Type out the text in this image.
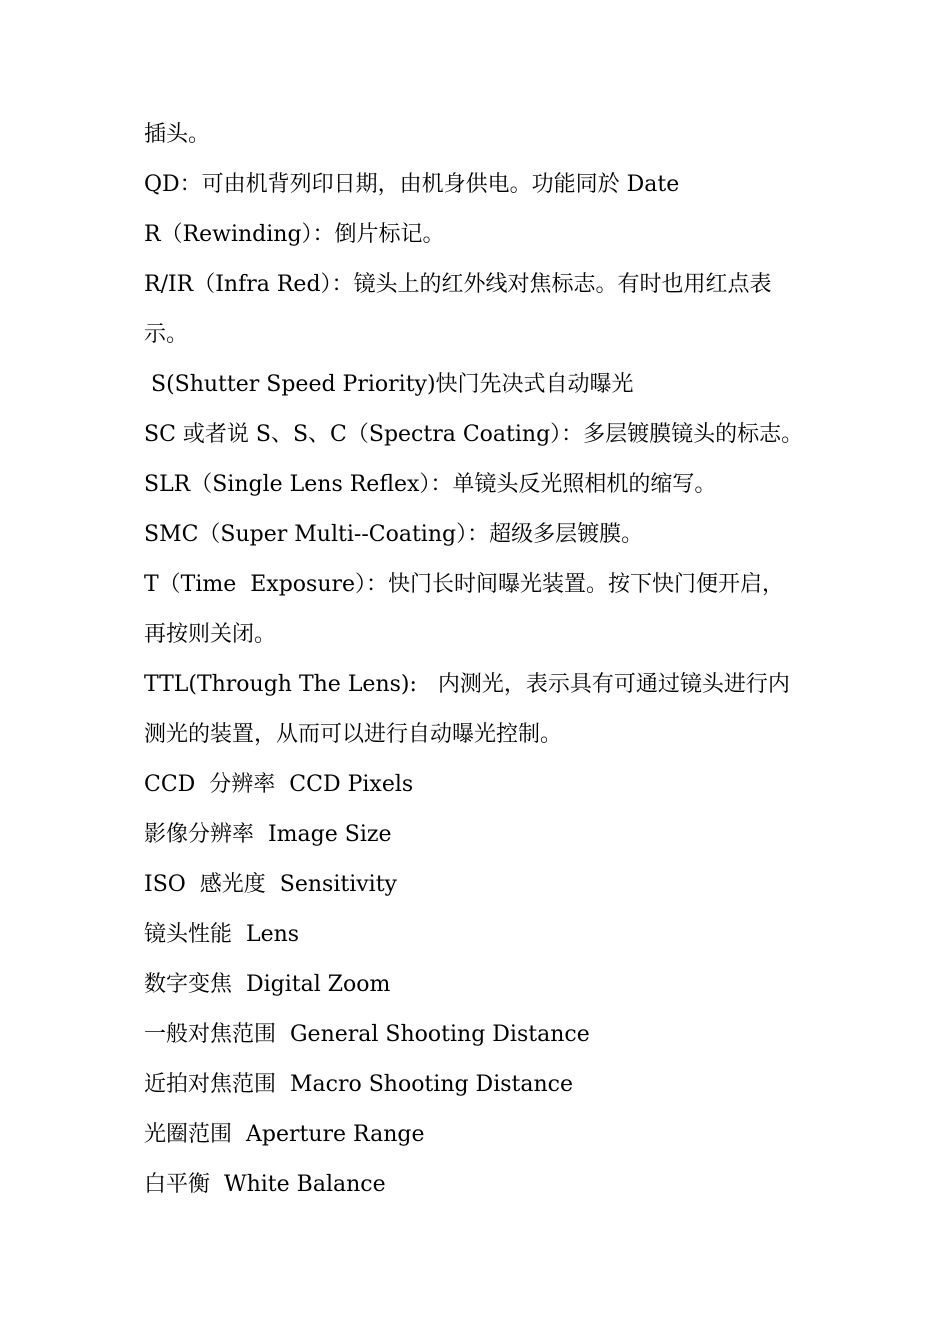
插头。
QD：可由机背列印日期，由机身供电。功能同於 Date
R（Rewinding）：倒片标记。
R/IR（Infra Red）：镜头上的红外线对焦标志。有时也用红点表
示。
S(Shutter Speed Priority)快门先决式自动曝光
SC 或者说 S、S、C（Spectra Coating）：多层镀膜镜头的标志。
SLR（Single Lens Reflex）：单镜头反光照相机的缩写。
SMC（Super Multi--Coating）：超级多层镀膜。
T（Time  Exposure）：快门长时间曝光装置。按下快门便开启，
再按则关闭。
TTL(Through The Lens):   内测光，表示具有可通过镜头进行内
测光的装置，从而可以进行自动曝光控制。
CCD  分辨率  CCD Pixels
影像分辨率  Image Size
ISO  感光度  Sensitivity
镜头性能  Lens
数字变焦  Digital Zoom
一般对焦范围  General Shooting Distance
近拍对焦范围  Macro Shooting Distance
光圈范围  Aperture Range
白平衡  White Balance
